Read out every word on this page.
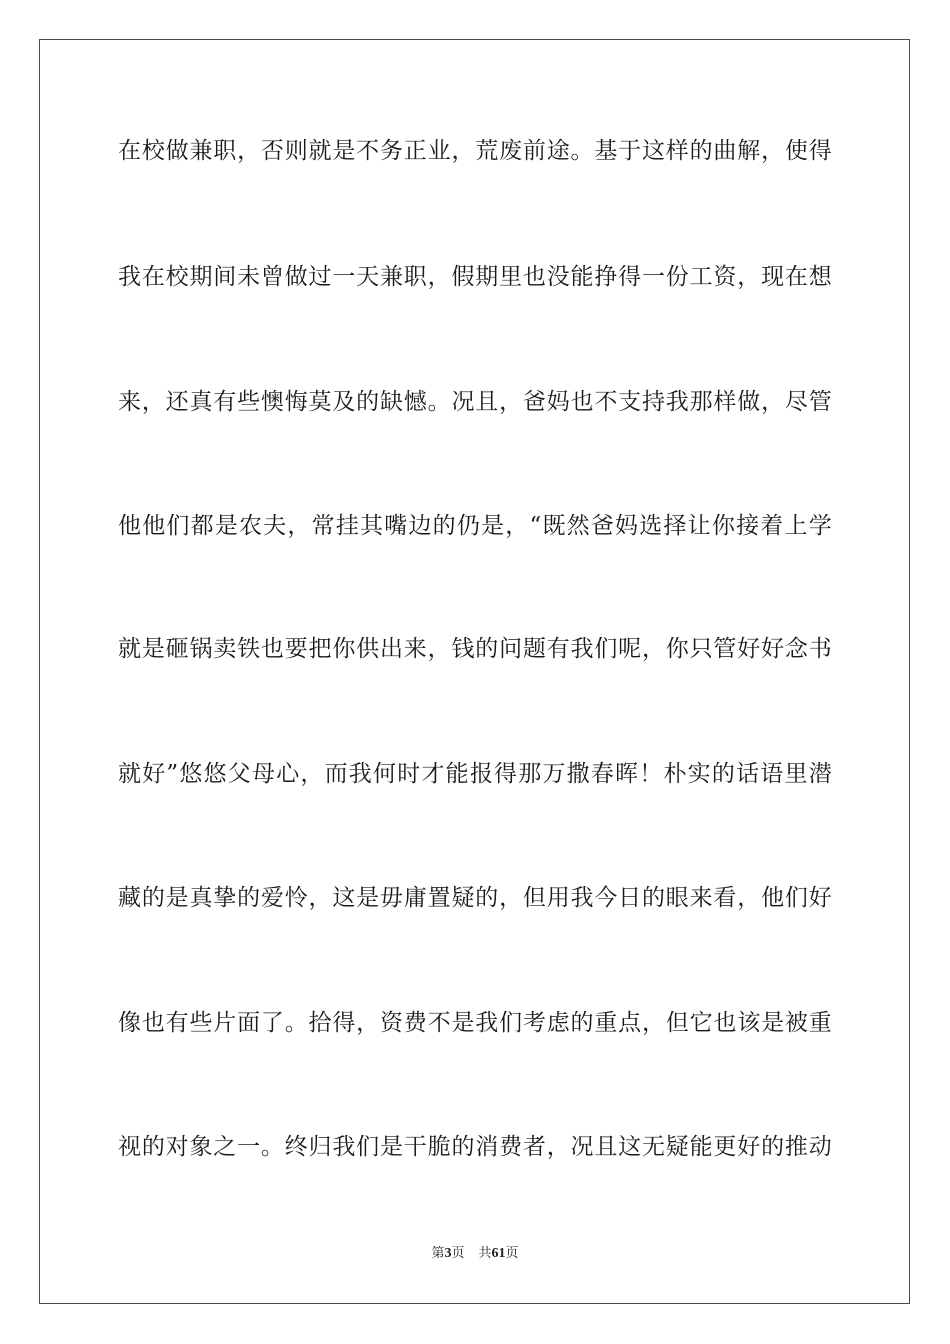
在校做兼职，否则就是不务正业，荒废前途。基于这样的曲解，使得
我在校期间未曾做过一天兼职，假期里也没能挣得一份工资，现在想
来，还真有些懊悔莫及的缺憾。况且，爸妈也不支持我那样做，尽管
他他们都是农夫，常挂其嘴边的仍是，“既然爸妈选择让你接着上学
就是砸锅卖铁也要把你供出来，钱的问题有我们呢，你只管好好念书
就好”悠悠父母心，而我何时才能报得那万撒春晖！朴实的话语里潜
藏的是真挚的爱怜，这是毋庸置疑的，但用我今日的眼来看，他们好
像也有些片面了。拾得，资费不是我们考虑的重点，但它也该是被重
视的对象之一。终归我们是干脆的消费者，况且这无疑能更好的推动
第3页 共61页
